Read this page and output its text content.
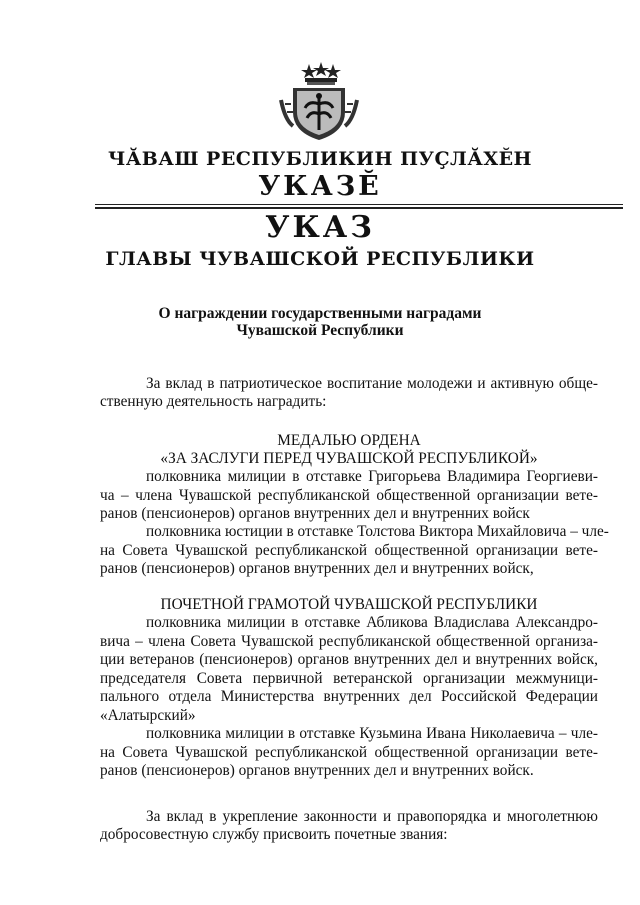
ЧӐВАШ РЕСПУБЛИКИН ПУҪЛӐХӖН
УКАЗӖ
УКАЗ
ГЛАВЫ ЧУВАШСКОЙ РЕСПУБЛИКИ
О награждении государственными наградами
Чувашской Республики
За вклад в патриотическое воспитание молодежи и активную обще-
ственную деятельность наградить:
МЕДАЛЬЮ ОРДЕНА
«ЗА ЗАСЛУГИ ПЕРЕД ЧУВАШСКОЙ РЕСПУБЛИКОЙ»
полковника милиции в отставке Григорьева Владимира Георгиеви-
ча – члена Чувашской республиканской общественной организации вете-
ранов (пенсионеров) органов внутренних дел и внутренних войск
полковника юстиции в отставке Толстова Виктора Михайловича – чле-
на Совета Чувашской республиканской общественной организации вете-
ранов (пенсионеров) органов внутренних дел и внутренних войск,
ПОЧЕТНОЙ ГРАМОТОЙ ЧУВАШСКОЙ РЕСПУБЛИКИ
полковника милиции в отставке Абликова Владислава Александро-
вича – члена Совета Чувашской республиканской общественной организа-
ции ветеранов (пенсионеров) органов внутренних дел и внутренних войск,
председателя Совета первичной ветеранской организации межмуници-
пального отдела Министерства внутренних дел Российской Федерации
«Алатырский»
полковника милиции в отставке Кузьмина Ивана Николаевича – чле-
на Совета Чувашской республиканской общественной организации вете-
ранов (пенсионеров) органов внутренних дел и внутренних войск.
За вклад в укрепление законности и правопорядка и многолетнюю
добросовестную службу присвоить почетные звания:
